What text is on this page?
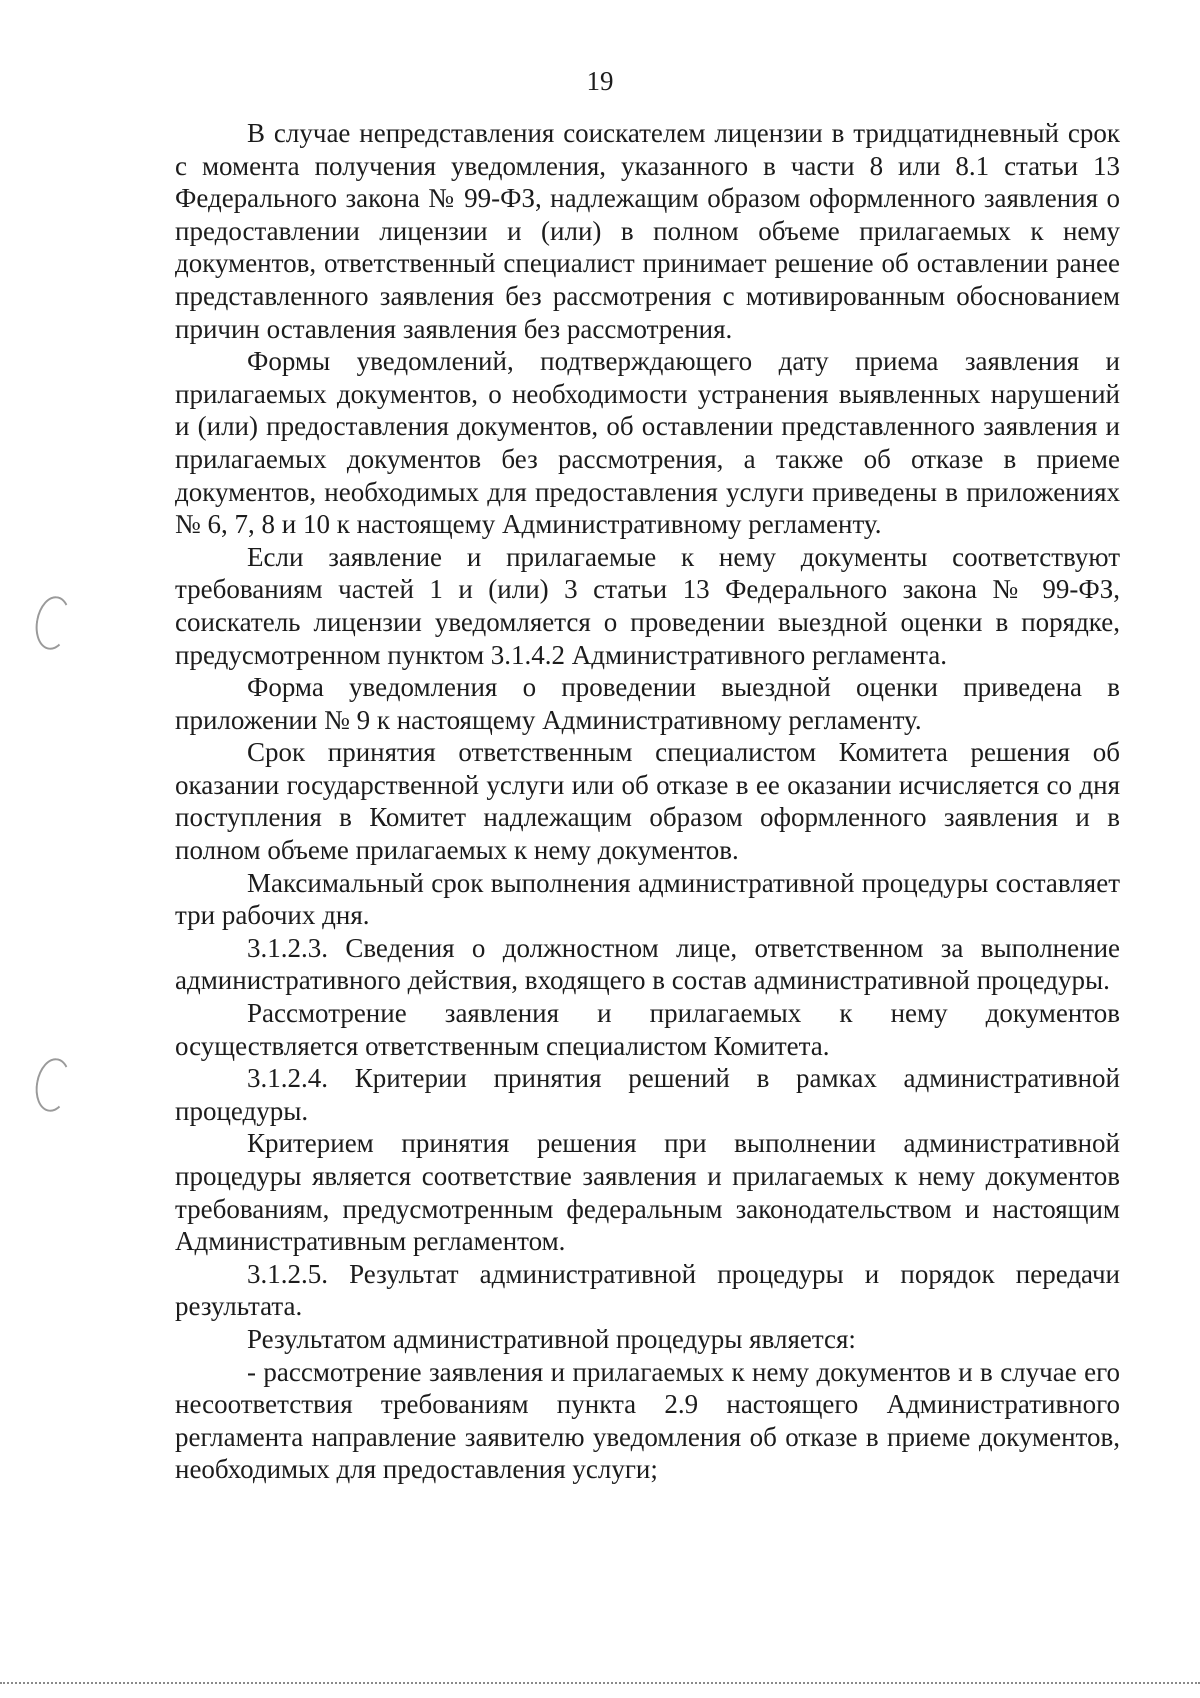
19

В случае непредставления соискателем лицензии в тридцатидневный срок с момента получения уведомления, указанного в части 8 или 8.1 статьи 13 Федерального закона № 99-ФЗ, надлежащим образом оформленного заявления о предоставлении лицензии и (или) в полном объеме прилагаемых к нему документов, ответственный специалист принимает решение об оставлении ранее представленного заявления без рассмотрения с мотивированным обоснованием причин оставления заявления без рассмотрения.

Формы уведомлений, подтверждающего дату приема заявления и прилагаемых документов, о необходимости устранения выявленных нарушений и (или) предоставления документов, об оставлении представленного заявления и прилагаемых документов без рассмотрения, а также об отказе в приеме документов, необходимых для предоставления услуги приведены в приложениях № 6, 7, 8 и 10 к настоящему Административному регламенту.

Если заявление и прилагаемые к нему документы соответствуют требованиям частей 1 и (или) 3 статьи 13 Федерального закона № 99-ФЗ, соискатель лицензии уведомляется о проведении выездной оценки в порядке, предусмотренном пунктом 3.1.4.2 Административного регламента.

Форма уведомления о проведении выездной оценки приведена в приложении № 9 к настоящему Административному регламенту.

Срок принятия ответственным специалистом Комитета решения об оказании государственной услуги или об отказе в ее оказании исчисляется со дня поступления в Комитет надлежащим образом оформленного заявления и в полном объеме прилагаемых к нему документов.

Максимальный срок выполнения административной процедуры составляет три рабочих дня.

3.1.2.3. Сведения о должностном лице, ответственном за выполнение административного действия, входящего в состав административной процедуры.

Рассмотрение заявления и прилагаемых к нему документов осуществляется ответственным специалистом Комитета.

3.1.2.4. Критерии принятия решений в рамках административной процедуры.

Критерием принятия решения при выполнении административной процедуры является соответствие заявления и прилагаемых к нему документов требованиям, предусмотренным федеральным законодательством и настоящим Административным регламентом.

3.1.2.5. Результат административной процедуры и порядок передачи результата.

Результатом административной процедуры является:

- рассмотрение заявления и прилагаемых к нему документов и в случае его несоответствия требованиям пункта 2.9 настоящего Административного регламента направление заявителю уведомления об отказе в приеме документов, необходимых для предоставления услуги;
